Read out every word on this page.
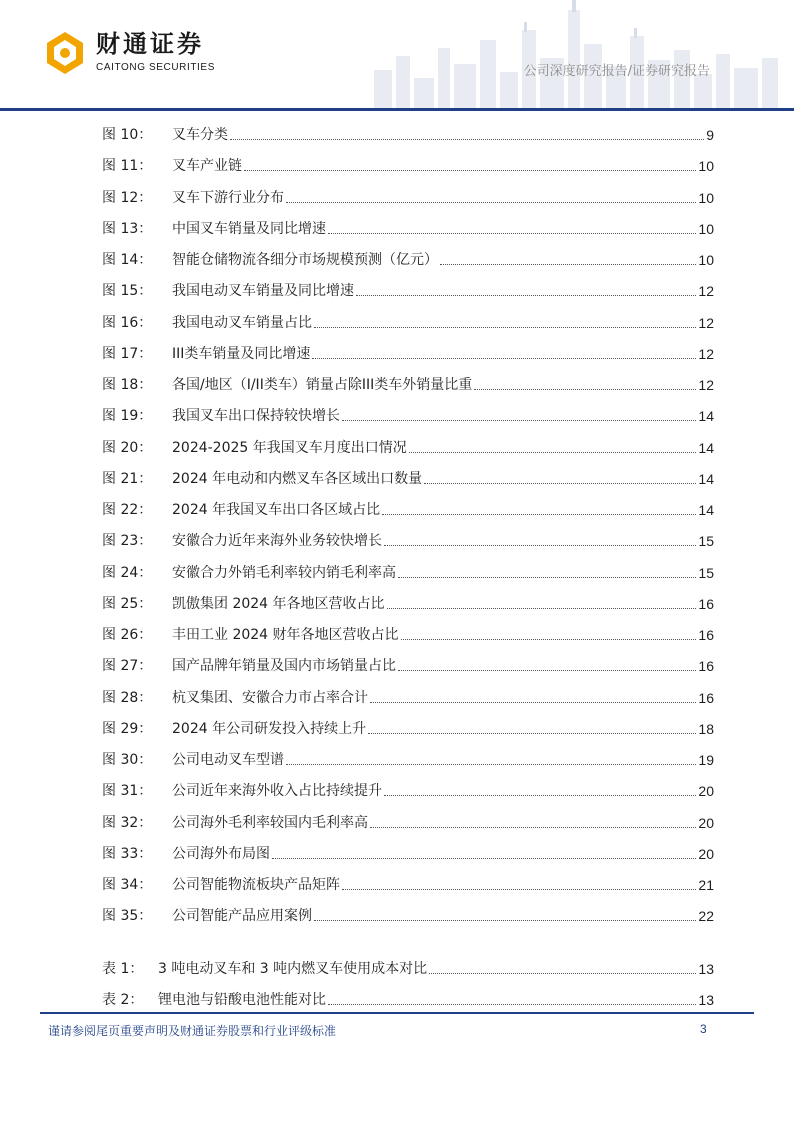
财通证券
CAITONG SECURITIES	公司深度研究报告/证券研究报告
图 10：	叉车分类	9
图 11：	叉车产业链	10
图 12：	叉车下游行业分布	10
图 13：	中国叉车销量及同比增速	10
图 14：	智能仓储物流各细分市场规模预测（亿元）	10
图 15：	我国电动叉车销量及同比增速	12
图 16：	我国电动叉车销量占比	12
图 17：	III类车销量及同比增速	12
图 18：	各国/地区（I/II类车）销量占除III类车外销量比重	12
图 19：	我国叉车出口保持较快增长	14
图 20：	2024-2025 年我国叉车月度出口情况	14
图 21：	2024 年电动和内燃叉车各区域出口数量	14
图 22：	2024 年我国叉车出口各区域占比	14
图 23：	安徽合力近年来海外业务较快增长	15
图 24：	安徽合力外销毛利率较内销毛利率高	15
图 25：	凯傲集团 2024 年各地区营收占比	16
图 26：	丰田工业 2024 财年各地区营收占比	16
图 27：	国产品牌年销量及国内市场销量占比	16
图 28：	杭叉集团、安徽合力市占率合计	16
图 29：	2024 年公司研发投入持续上升	18
图 30：	公司电动叉车型谱	19
图 31：	公司近年来海外收入占比持续提升	20
图 32：	公司海外毛利率较国内毛利率高	20
图 33：	公司海外布局图	20
图 34：	公司智能物流板块产品矩阵	21
图 35：	公司智能产品应用案例	22
表 1：	3 吨电动叉车和 3 吨内燃叉车使用成本对比	13
表 2：	锂电池与铅酸电池性能对比	13
谨请参阅尾页重要声明及财通证券股票和行业评级标准	3
